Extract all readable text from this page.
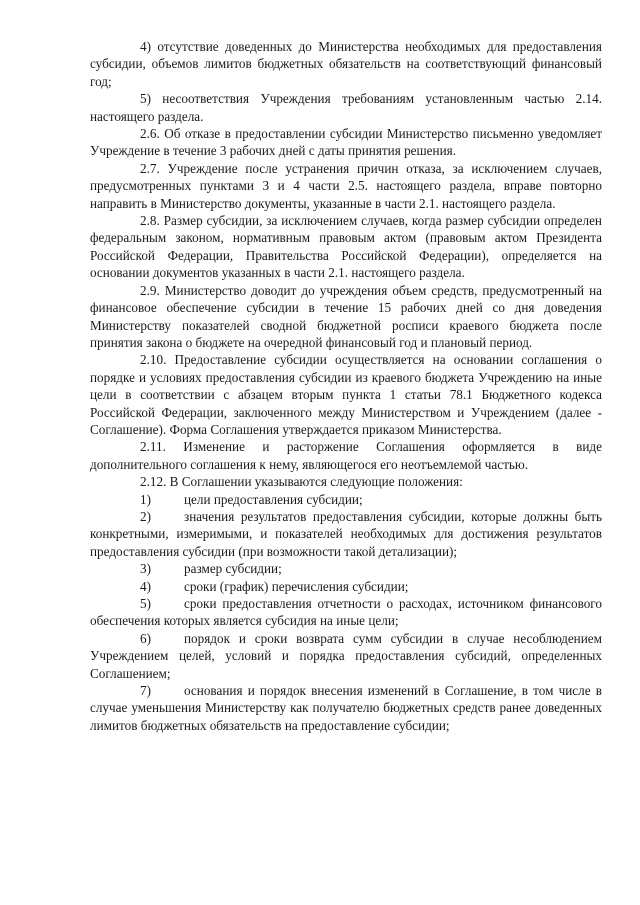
4) отсутствие доведенных до Министерства необходимых для предоставления субсидии, объемов лимитов бюджетных обязательств на соответствующий финансовый год;

5) несоответствия Учреждения требованиям установленным частью 2.14. настоящего раздела.

2.6. Об отказе в предоставлении субсидии Министерство письменно уведомляет Учреждение в течение 3 рабочих дней с даты принятия решения.

2.7. Учреждение после устранения причин отказа, за исключением случаев, предусмотренных пунктами 3 и 4 части 2.5. настоящего раздела, вправе повторно направить в Министерство документы, указанные в части 2.1. настоящего раздела.

2.8. Размер субсидии, за исключением случаев, когда размер субсидии определен федеральным законом, нормативным правовым актом (правовым актом Президента Российской Федерации, Правительства Российской Федерации), определяется на основании документов указанных в части 2.1. настоящего раздела.

2.9. Министерство доводит до учреждения объем средств, предусмотренный на финансовое обеспечение субсидии в течение 15 рабочих дней со дня доведения Министерству показателей сводной бюджетной росписи краевого бюджета после принятия закона о бюджете на очередной финансовый год и плановый период.

2.10. Предоставление субсидии осуществляется на основании соглашения о порядке и условиях предоставления субсидии из краевого бюджета Учреждению на иные цели в соответствии с абзацем вторым пункта 1 статьи 78.1 Бюджетного кодекса Российской Федерации, заключенного между Министерством и Учреждением (далее - Соглашение). Форма Соглашения утверждается приказом Министерства.

2.11. Изменение и расторжение Соглашения оформляется в виде дополнительного соглашения к нему, являющегося его неотъемлемой частью.

2.12. В Соглашении указываются следующие положения:

1)	цели предоставления субсидии;

2)	значения результатов предоставления субсидии, которые должны быть конкретными, измеримыми, и показателей необходимых для достижения результатов предоставления субсидии (при возможности такой детализации);

3)	размер субсидии;

4)	сроки (график) перечисления субсидии;

5)	сроки предоставления отчетности о расходах, источником финансового обеспечения которых является субсидия на иные цели;

6)	порядок и сроки возврата сумм субсидии в случае несоблюдением Учреждением целей, условий и порядка предоставления субсидий, определенных Соглашением;

7)	основания и порядок внесения изменений в Соглашение, в том числе в случае уменьшения Министерству как получателю бюджетных средств ранее доведенных лимитов бюджетных обязательств на предоставление субсидии;
